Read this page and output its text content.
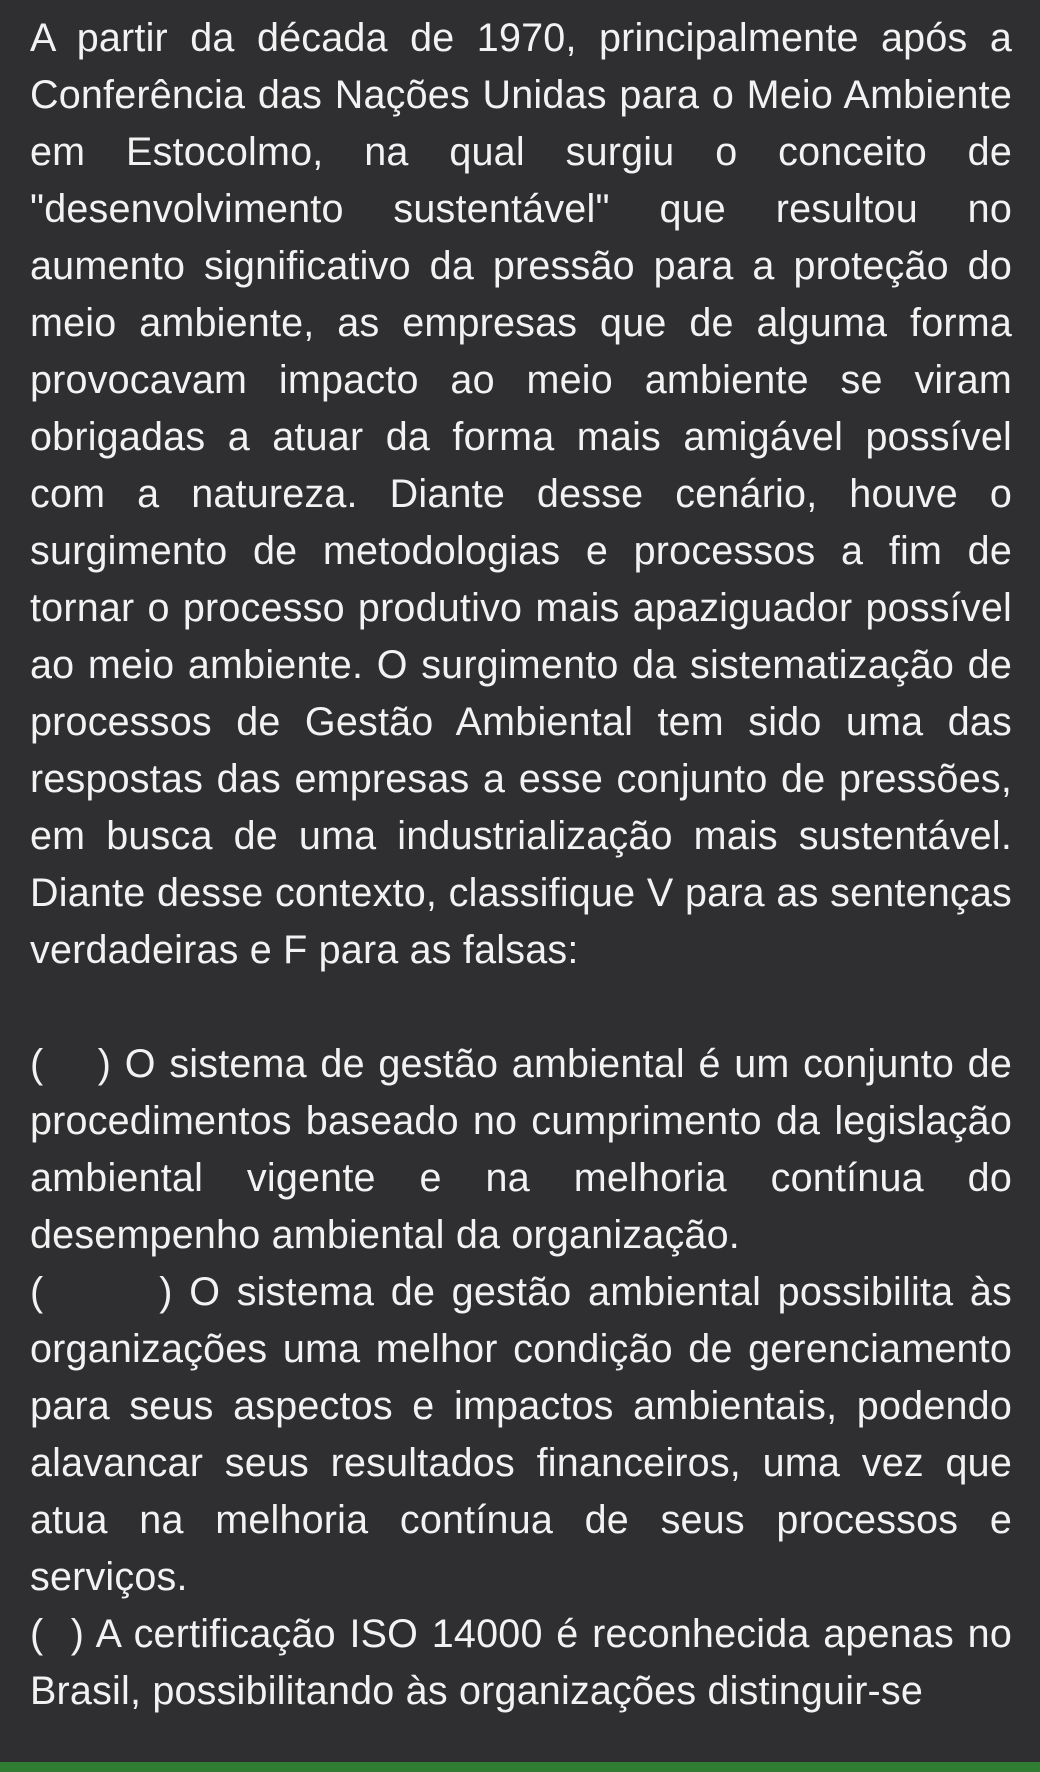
A partir da década de 1970, principalmente após a Conferência das Nações Unidas para o Meio Ambiente em Estocolmo, na qual surgiu o conceito de "desenvolvimento sustentável" que resultou no aumento significativo da pressão para a proteção do meio ambiente, as empresas que de alguma forma provocavam impacto ao meio ambiente se viram obrigadas a atuar da forma mais amigável possível com a natureza. Diante desse cenário, houve o surgimento de metodologias e processos a fim de tornar o processo produtivo mais apaziguador possível ao meio ambiente. O surgimento da sistematização de processos de Gestão Ambiental tem sido uma das respostas das empresas a esse conjunto de pressões, em busca de uma industrialização mais sustentável. Diante desse contexto, classifique V para as sentenças verdadeiras e F para as falsas:

(    ) O sistema de gestão ambiental é um conjunto de procedimentos baseado no cumprimento da legislação ambiental vigente e na melhoria contínua do desempenho ambiental da organização.

(       ) O sistema de gestão ambiental possibilita às organizações uma melhor condição de gerenciamento para seus aspectos e impactos ambientais, podendo alavancar seus resultados financeiros, uma vez que atua na melhoria contínua de seus processos e serviços.

(  ) A certificação ISO 14000 é reconhecida apenas no Brasil, possibilitando às organizações distinguir-se
